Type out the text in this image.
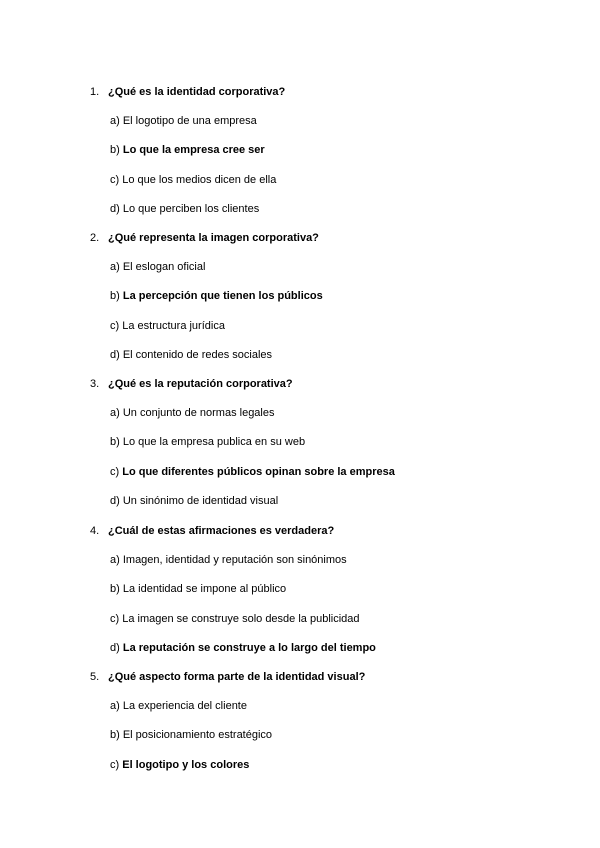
1. ¿Qué es la identidad corporativa?
a) El logotipo de una empresa
b) Lo que la empresa cree ser
c) Lo que los medios dicen de ella
d) Lo que perciben los clientes
2. ¿Qué representa la imagen corporativa?
a) El eslogan oficial
b) La percepción que tienen los públicos
c) La estructura jurídica
d) El contenido de redes sociales
3. ¿Qué es la reputación corporativa?
a) Un conjunto de normas legales
b) Lo que la empresa publica en su web
c) Lo que diferentes públicos opinan sobre la empresa
d) Un sinónimo de identidad visual
4. ¿Cuál de estas afirmaciones es verdadera?
a) Imagen, identidad y reputación son sinónimos
b) La identidad se impone al público
c) La imagen se construye solo desde la publicidad
d) La reputación se construye a lo largo del tiempo
5. ¿Qué aspecto forma parte de la identidad visual?
a) La experiencia del cliente
b) El posicionamiento estratégico
c) El logotipo y los colores
